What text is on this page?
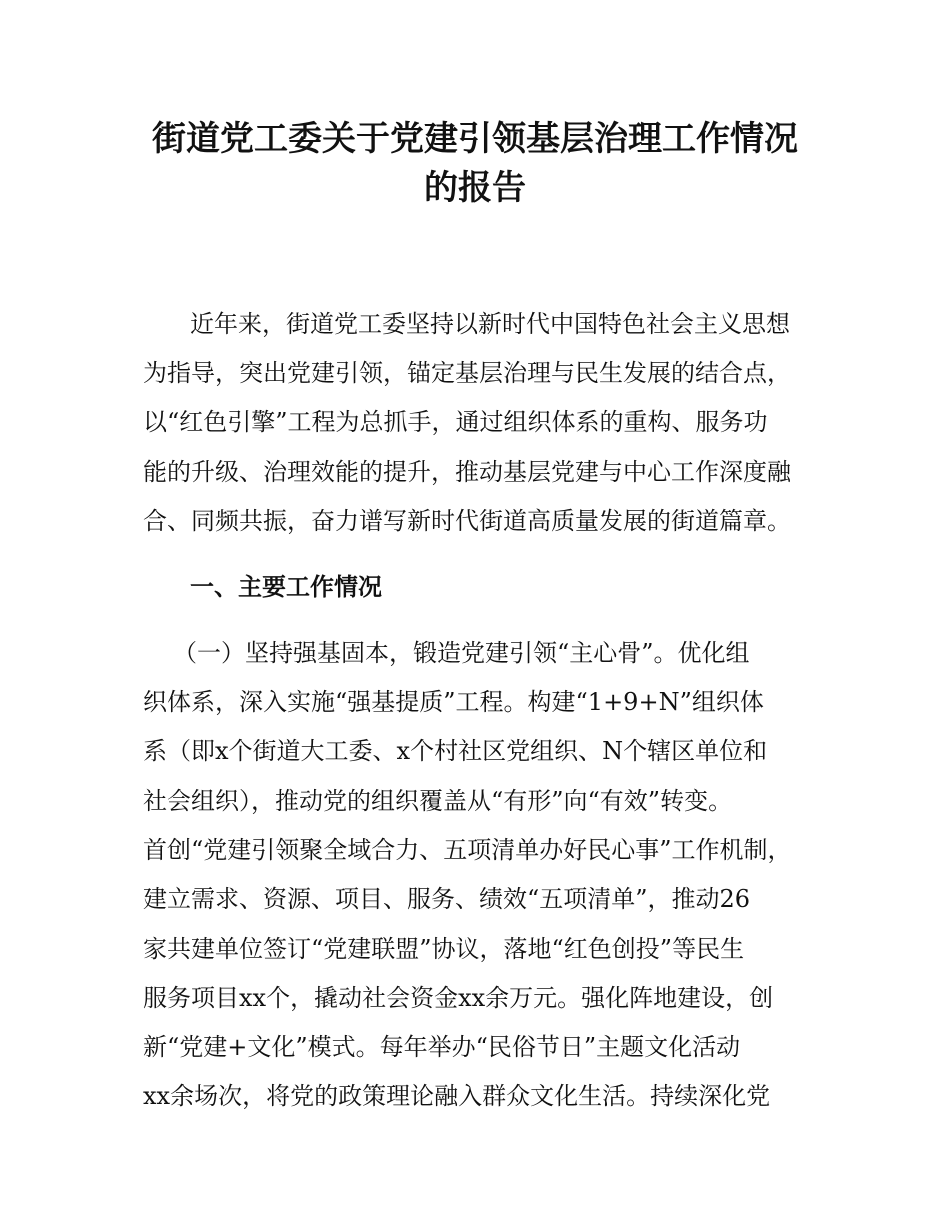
街道党工委关于党建引领基层治理工作情况
的报告
近年来，街道党工委坚持以新时代中国特色社会主义思想
为指导，突出党建引领，锚定基层治理与民生发展的结合点，
以“红色引擎”工程为总抓手，通过组织体系的重构、服务功
能的升级、治理效能的提升，推动基层党建与中心工作深度融
合、同频共振，奋力谱写新时代街道高质量发展的街道篇章。
一、主要工作情况
（一）坚持强基固本，锻造党建引领“主心骨”。优化组
织体系，深入实施“强基提质”工程。构建“1+9+N”组织体
系（即x个街道大工委、x个村社区党组织、N个辖区单位和
社会组织），推动党的组织覆盖从“有形”向“有效”转变。
首创“党建引领聚全域合力、五项清单办好民心事”工作机制，
建立需求、资源、项目、服务、绩效“五项清单”，推动26
家共建单位签订“党建联盟”协议，落地“红色创投”等民生
服务项目xx个，撬动社会资金xx余万元。强化阵地建设，创
新“党建+文化”模式。每年举办“民俗节日”主题文化活动
xx余场次，将党的政策理论融入群众文化生活。持续深化党
